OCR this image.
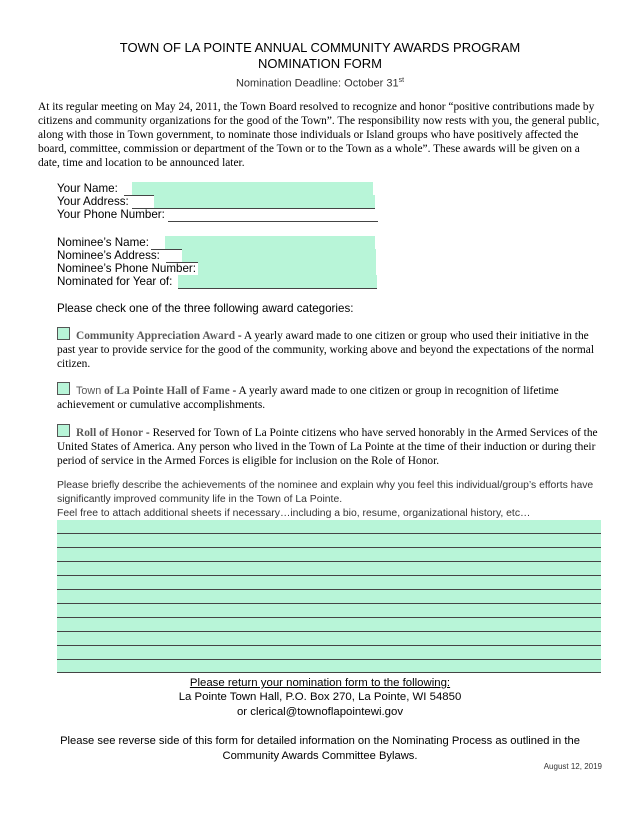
TOWN OF LA POINTE ANNUAL COMMUNITY AWARDS PROGRAM
NOMINATION FORM
Nomination Deadline: October 31st
At its regular meeting on May 24, 2011, the Town Board resolved to recognize and honor “positive contributions made by citizens and community organizations for the good of the Town”. The responsibility now rests with you, the general public, along with those in Town government, to nominate those individuals or Island groups who have positively affected the board, committee, commission or department of the Town or to the Town as a whole”. These awards will be given on a date, time and location to be announced later.
Your Name:
Your Address:
Your Phone Number:
Nominee’s Name:
Nominee’s Address:
Nominee’s Phone Number:
Nominated for Year of:
Please check one of the three following award categories:
Community Appreciation Award - A yearly award made to one citizen or group who used their initiative in the past year to provide service for the good of the community, working above and beyond the expectations of the normal citizen.
Town of La Pointe Hall of Fame - A yearly award made to one citizen or group in recognition of lifetime achievement or cumulative accomplishments.
Roll of Honor - Reserved for Town of La Pointe citizens who have served honorably in the Armed Services of the United States of America. Any person who lived in the Town of La Pointe at the time of their induction or during their period of service in the Armed Forces is eligible for inclusion on the Role of Honor.
Please briefly describe the achievements of the nominee and explain why you feel this individual/group’s efforts have significantly improved community life in the Town of La Pointe.
Feel free to attach additional sheets if necessary…including a bio, resume, organizational history, etc…
Please return your nomination form to the following:
La Pointe Town Hall, P.O. Box 270, La Pointe, WI 54850
or clerical@townoflapointewi.gov
Please see reverse side of this form for detailed information on the Nominating Process as outlined in the Community Awards Committee Bylaws.
August 12, 2019
